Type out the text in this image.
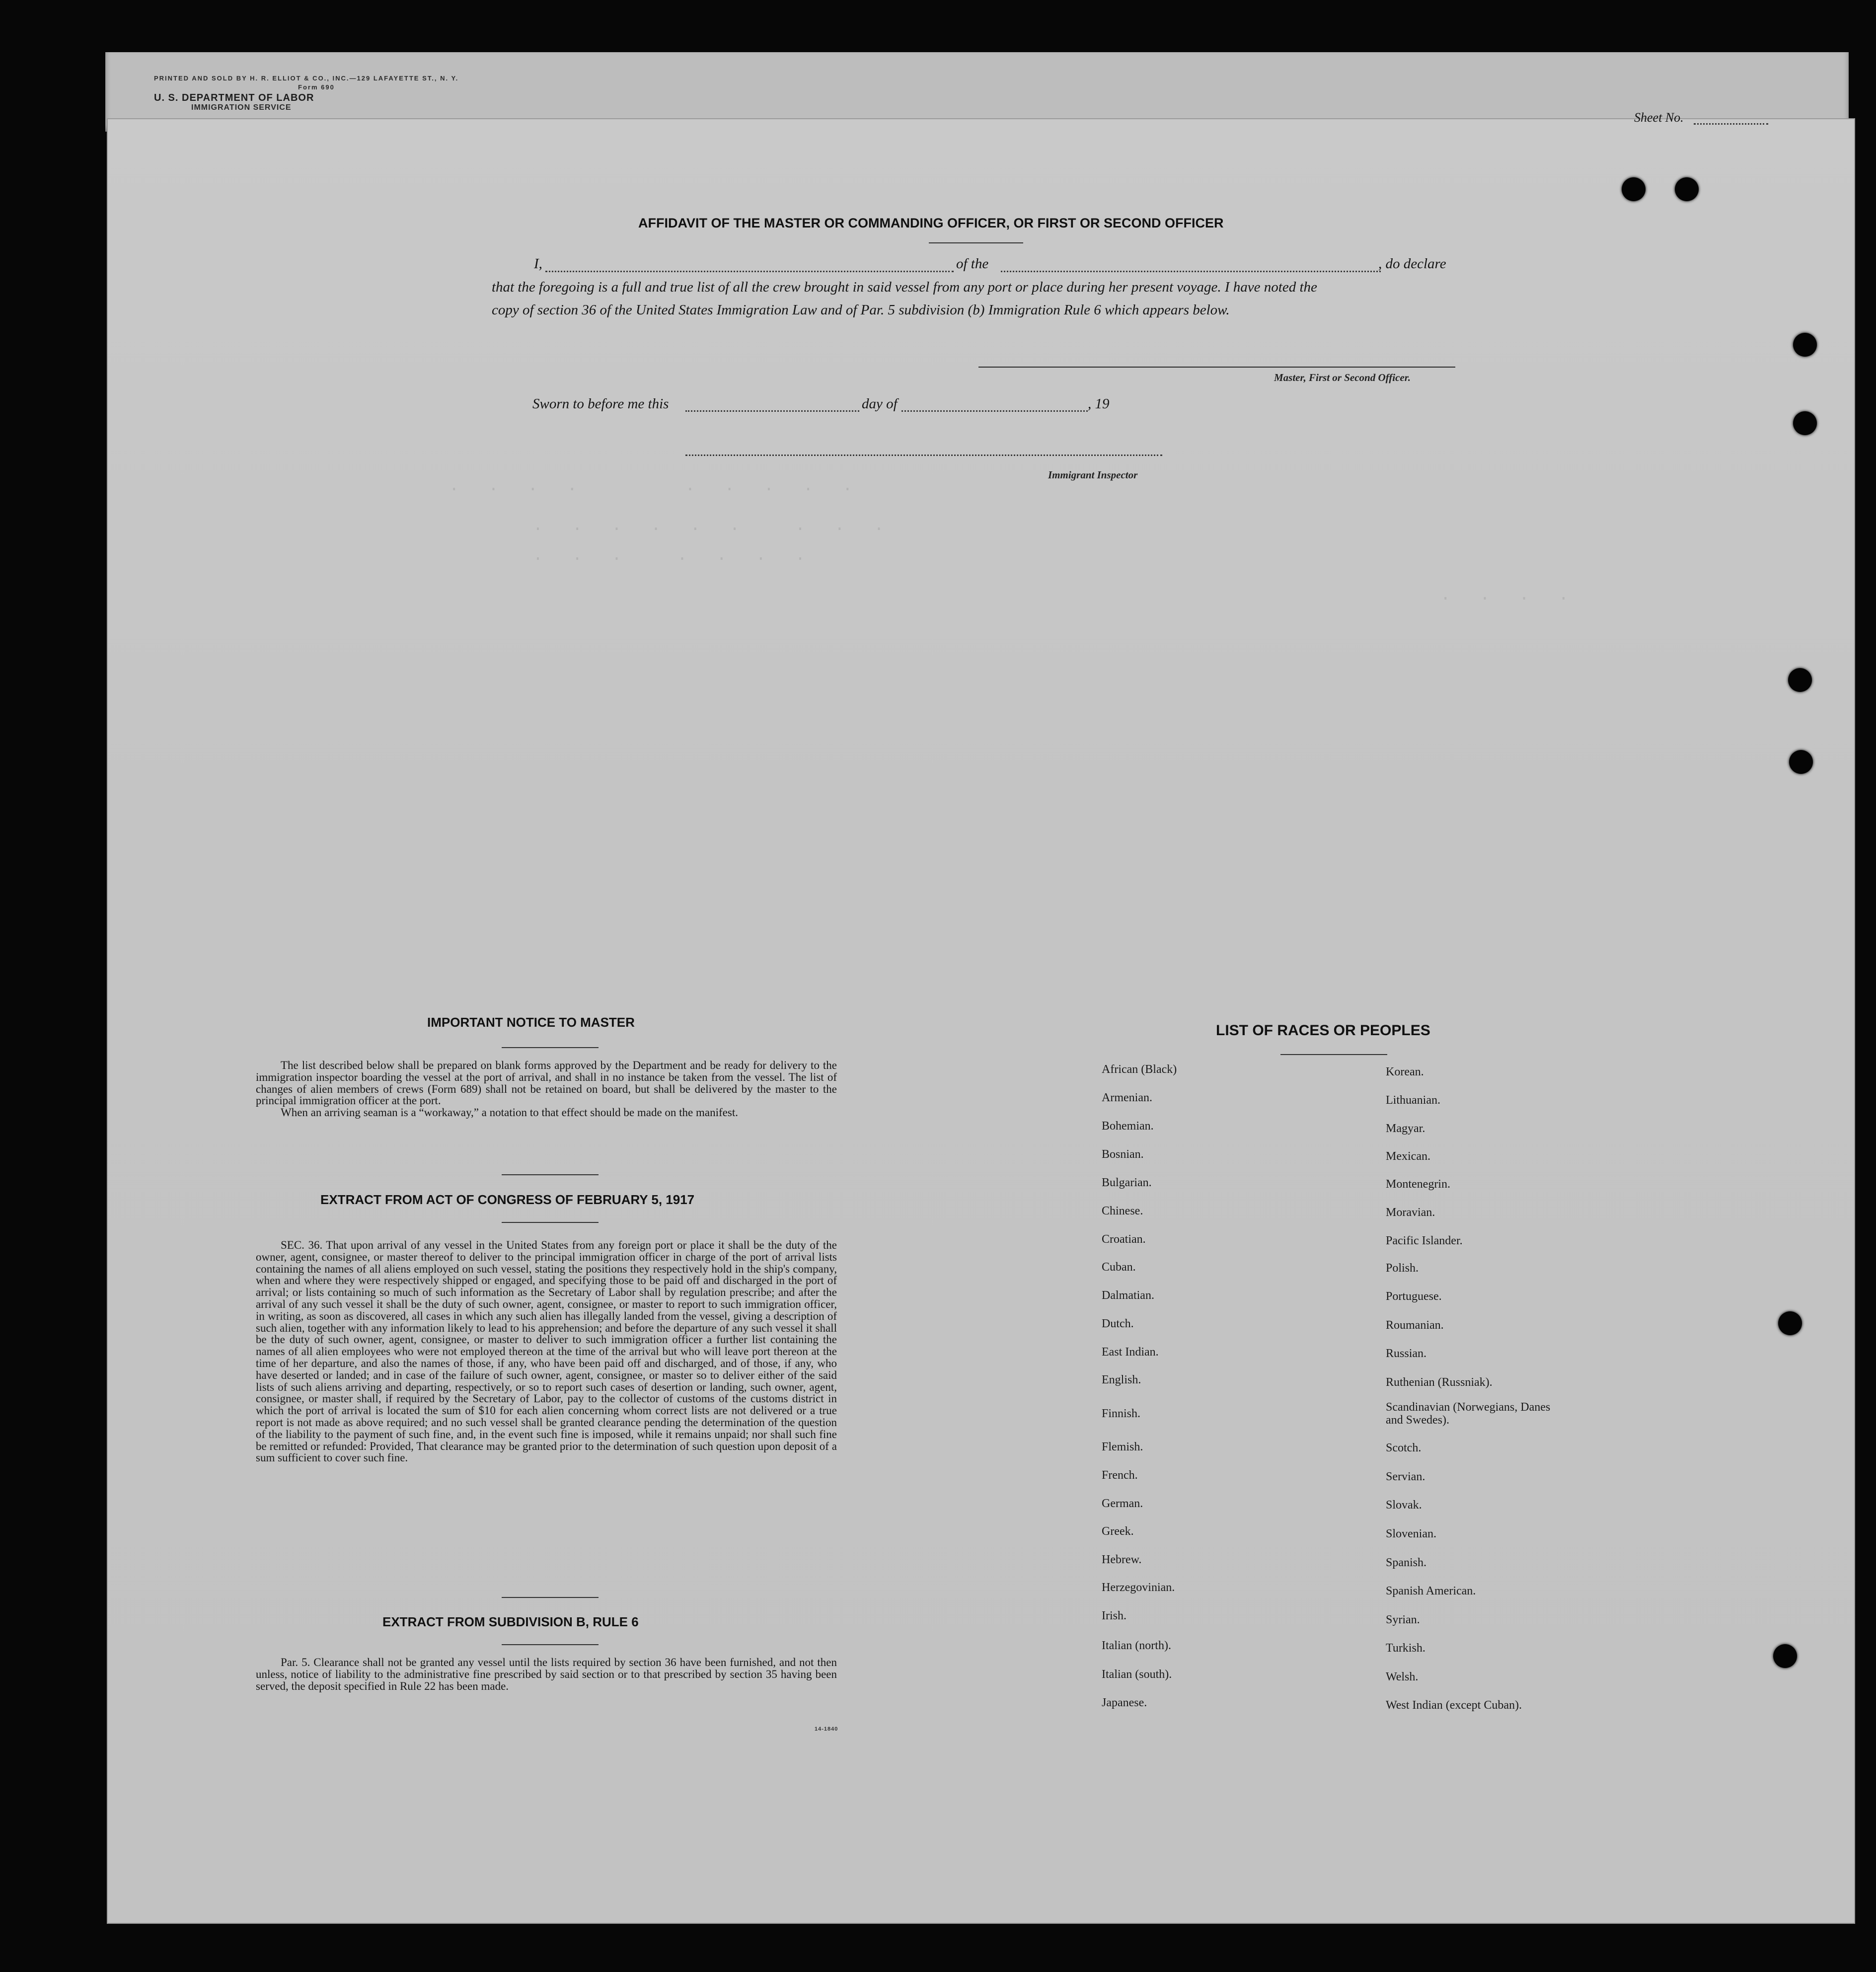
.  .  .  .        .  .  .  .  .
.  .  .  .  .  .    .  .  .
.  .  .    .  .  .  .
.  .  .  .
PRINTED AND SOLD BY H. R. ELLIOT & CO., INC.—129 LAFAYETTE ST., N. Y.
Form 690
U. S. DEPARTMENT OF LABOR
IMMIGRATION SERVICE
Sheet No.
AFFIDAVIT OF THE MASTER OR COMMANDING OFFICER, OR FIRST OR SECOND OFFICER
I,	of the	, do declare
that the foregoing is a full and true list of all the crew brought in said vessel from any port or place during her present voyage. I have noted the
copy of section 36 of the United States Immigration Law and of Par. 5 subdivision (b) Immigration Rule 6 which appears below.
Master, First or Second Officer.
Sworn to before me this	day of	, 19
Immigrant Inspector
IMPORTANT NOTICE TO MASTER

The list described below shall be prepared on blank forms approved by the Department and be ready for delivery to the immigration inspector boarding the vessel at the port of arrival, and shall in no instance be taken from the vessel. The list of changes of alien members of crews (Form 689) shall not be retained on board, but shall be delivered by the master to the principal immigration officer at the port.

When an arriving seaman is a “workaway,” a notation to that effect should be made on the manifest.

EXTRACT FROM ACT OF CONGRESS OF FEBRUARY 5, 1917

SEC. 36. That upon arrival of any vessel in the United States from any foreign port or place it shall be the duty of the owner, agent, consignee, or master thereof to deliver to the principal immigration officer in charge of the port of arrival lists containing the names of all aliens employed on such vessel, stating the positions they respectively hold in the ship's company, when and where they were respectively shipped or engaged, and specifying those to be paid off and discharged in the port of arrival; or lists containing so much of such information as the Secretary of Labor shall by regulation prescribe; and after the arrival of any such vessel it shall be the duty of such owner, agent, consignee, or master to report to such immigration officer, in writing, as soon as discovered, all cases in which any such alien has illegally landed from the vessel, giving a description of such alien, together with any information likely to lead to his apprehension; and before the departure of any such vessel it shall be the duty of such owner, agent, consignee, or master to deliver to such immigration officer a further list containing the names of all alien employees who were not employed thereon at the time of the arrival but who will leave port thereon at the time of her departure, and also the names of those, if any, who have been paid off and discharged, and of those, if any, who have deserted or landed; and in case of the failure of such owner, agent, consignee, or master so to deliver either of the said lists of such aliens arriving and departing, respectively, or so to report such cases of desertion or landing, such owner, agent, consignee, or master shall, if required by the Secretary of Labor, pay to the collector of customs of the customs district in which the port of arrival is located the sum of $10 for each alien concerning whom correct lists are not delivered or a true report is not made as above required; and no such vessel shall be granted clearance pending the determination of the question of the liability to the payment of such fine, and, in the event such fine is imposed, while it remains unpaid; nor shall such fine be remitted or refunded: Provided, That clearance may be granted prior to the determination of such question upon deposit of a sum sufficient to cover such fine.

EXTRACT FROM SUBDIVISION B, RULE 6

Par. 5. Clearance shall not be granted any vessel until the lists required by section 36 have been furnished, and not then unless, notice of liability to the administrative fine prescribed by said section or to that prescribed by section 35 having been served, the deposit specified in Rule 22 has been made.

14-1840
LIST OF RACES OR PEOPLES
African (Black)
Armenian.
Bohemian.
Bosnian.
Bulgarian.
Chinese.
Croatian.
Cuban.
Dalmatian.
Dutch.
East Indian.
English.
Finnish.
Flemish.
French.
German.
Greek.
Hebrew.
Herzegovinian.
Irish.
Italian (north).
Italian (south).
Japanese.
Korean.
Lithuanian.
Magyar.
Mexican.
Montenegrin.
Moravian.
Pacific Islander.
Polish.
Portuguese.
Roumanian.
Russian.
Ruthenian (Russniak).
Scandinavian (Norwegians, Danes and Swedes).
Scotch.
Servian.
Slovak.
Slovenian.
Spanish.
Spanish American.
Syrian.
Turkish.
Welsh.
West Indian (except Cuban).
